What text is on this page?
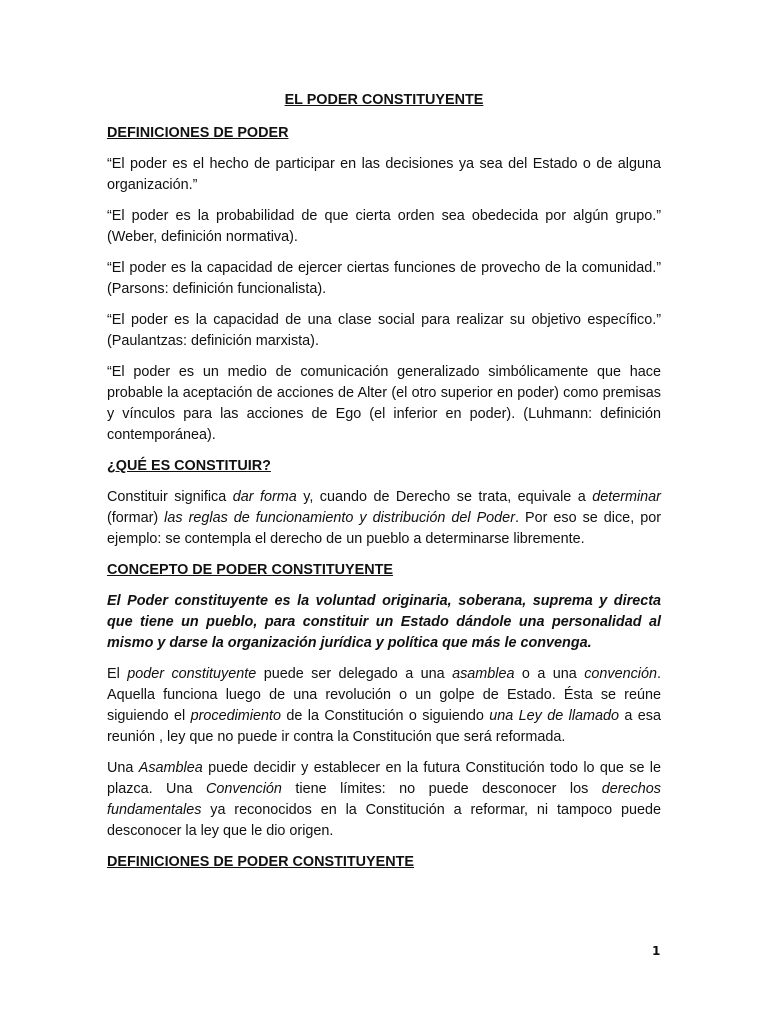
EL PODER CONSTITUYENTE
DEFINICIONES DE PODER

“El poder es el hecho de participar en las decisiones ya sea del Estado o de alguna organización.”

“El poder es la probabilidad de que cierta orden sea obedecida por algún grupo.” (Weber, definición normativa).

“El poder es la capacidad de ejercer ciertas funciones de provecho de la comunidad.” (Parsons: definición funcionalista).

“El poder es la capacidad de una clase social para realizar su objetivo específico.” (Paulantzas: definición marxista).

“El poder es un medio de comunicación generalizado simbólicamente que hace probable la aceptación de acciones de Alter (el otro superior en poder) como premisas y vínculos para las acciones de Ego (el inferior en poder). (Luhmann: definición contemporánea).

¿QUÉ ES CONSTITUIR?

Constituir significa dar forma y, cuando de Derecho se trata, equivale a determinar (formar) las reglas de funcionamiento y distribución del Poder. Por eso se dice, por ejemplo: se contempla el derecho de un pueblo a determinarse libremente.

CONCEPTO DE PODER CONSTITUYENTE

El Poder constituyente es la voluntad originaria, soberana, suprema y directa que tiene un pueblo, para constituir un Estado dándole una personalidad al mismo y darse la organización jurídica y política que más le convenga.

El poder constituyente puede ser delegado a una asamblea o a una convención. Aquella funciona luego de una revolución o un golpe de Estado. Ésta se reúne siguiendo el procedimiento de la Constitución o siguiendo una Ley de llamado a esa reunión , ley que no puede ir contra la Constitución que será reformada.

Una Asamblea puede decidir y establecer en la futura Constitución todo lo que se le plazca. Una Convención tiene límites: no puede desconocer los derechos fundamentales ya reconocidos en la Constitución a reformar, ni tampoco puede desconocer la ley que le dio origen.

DEFINICIONES DE PODER CONSTITUYENTE
1
